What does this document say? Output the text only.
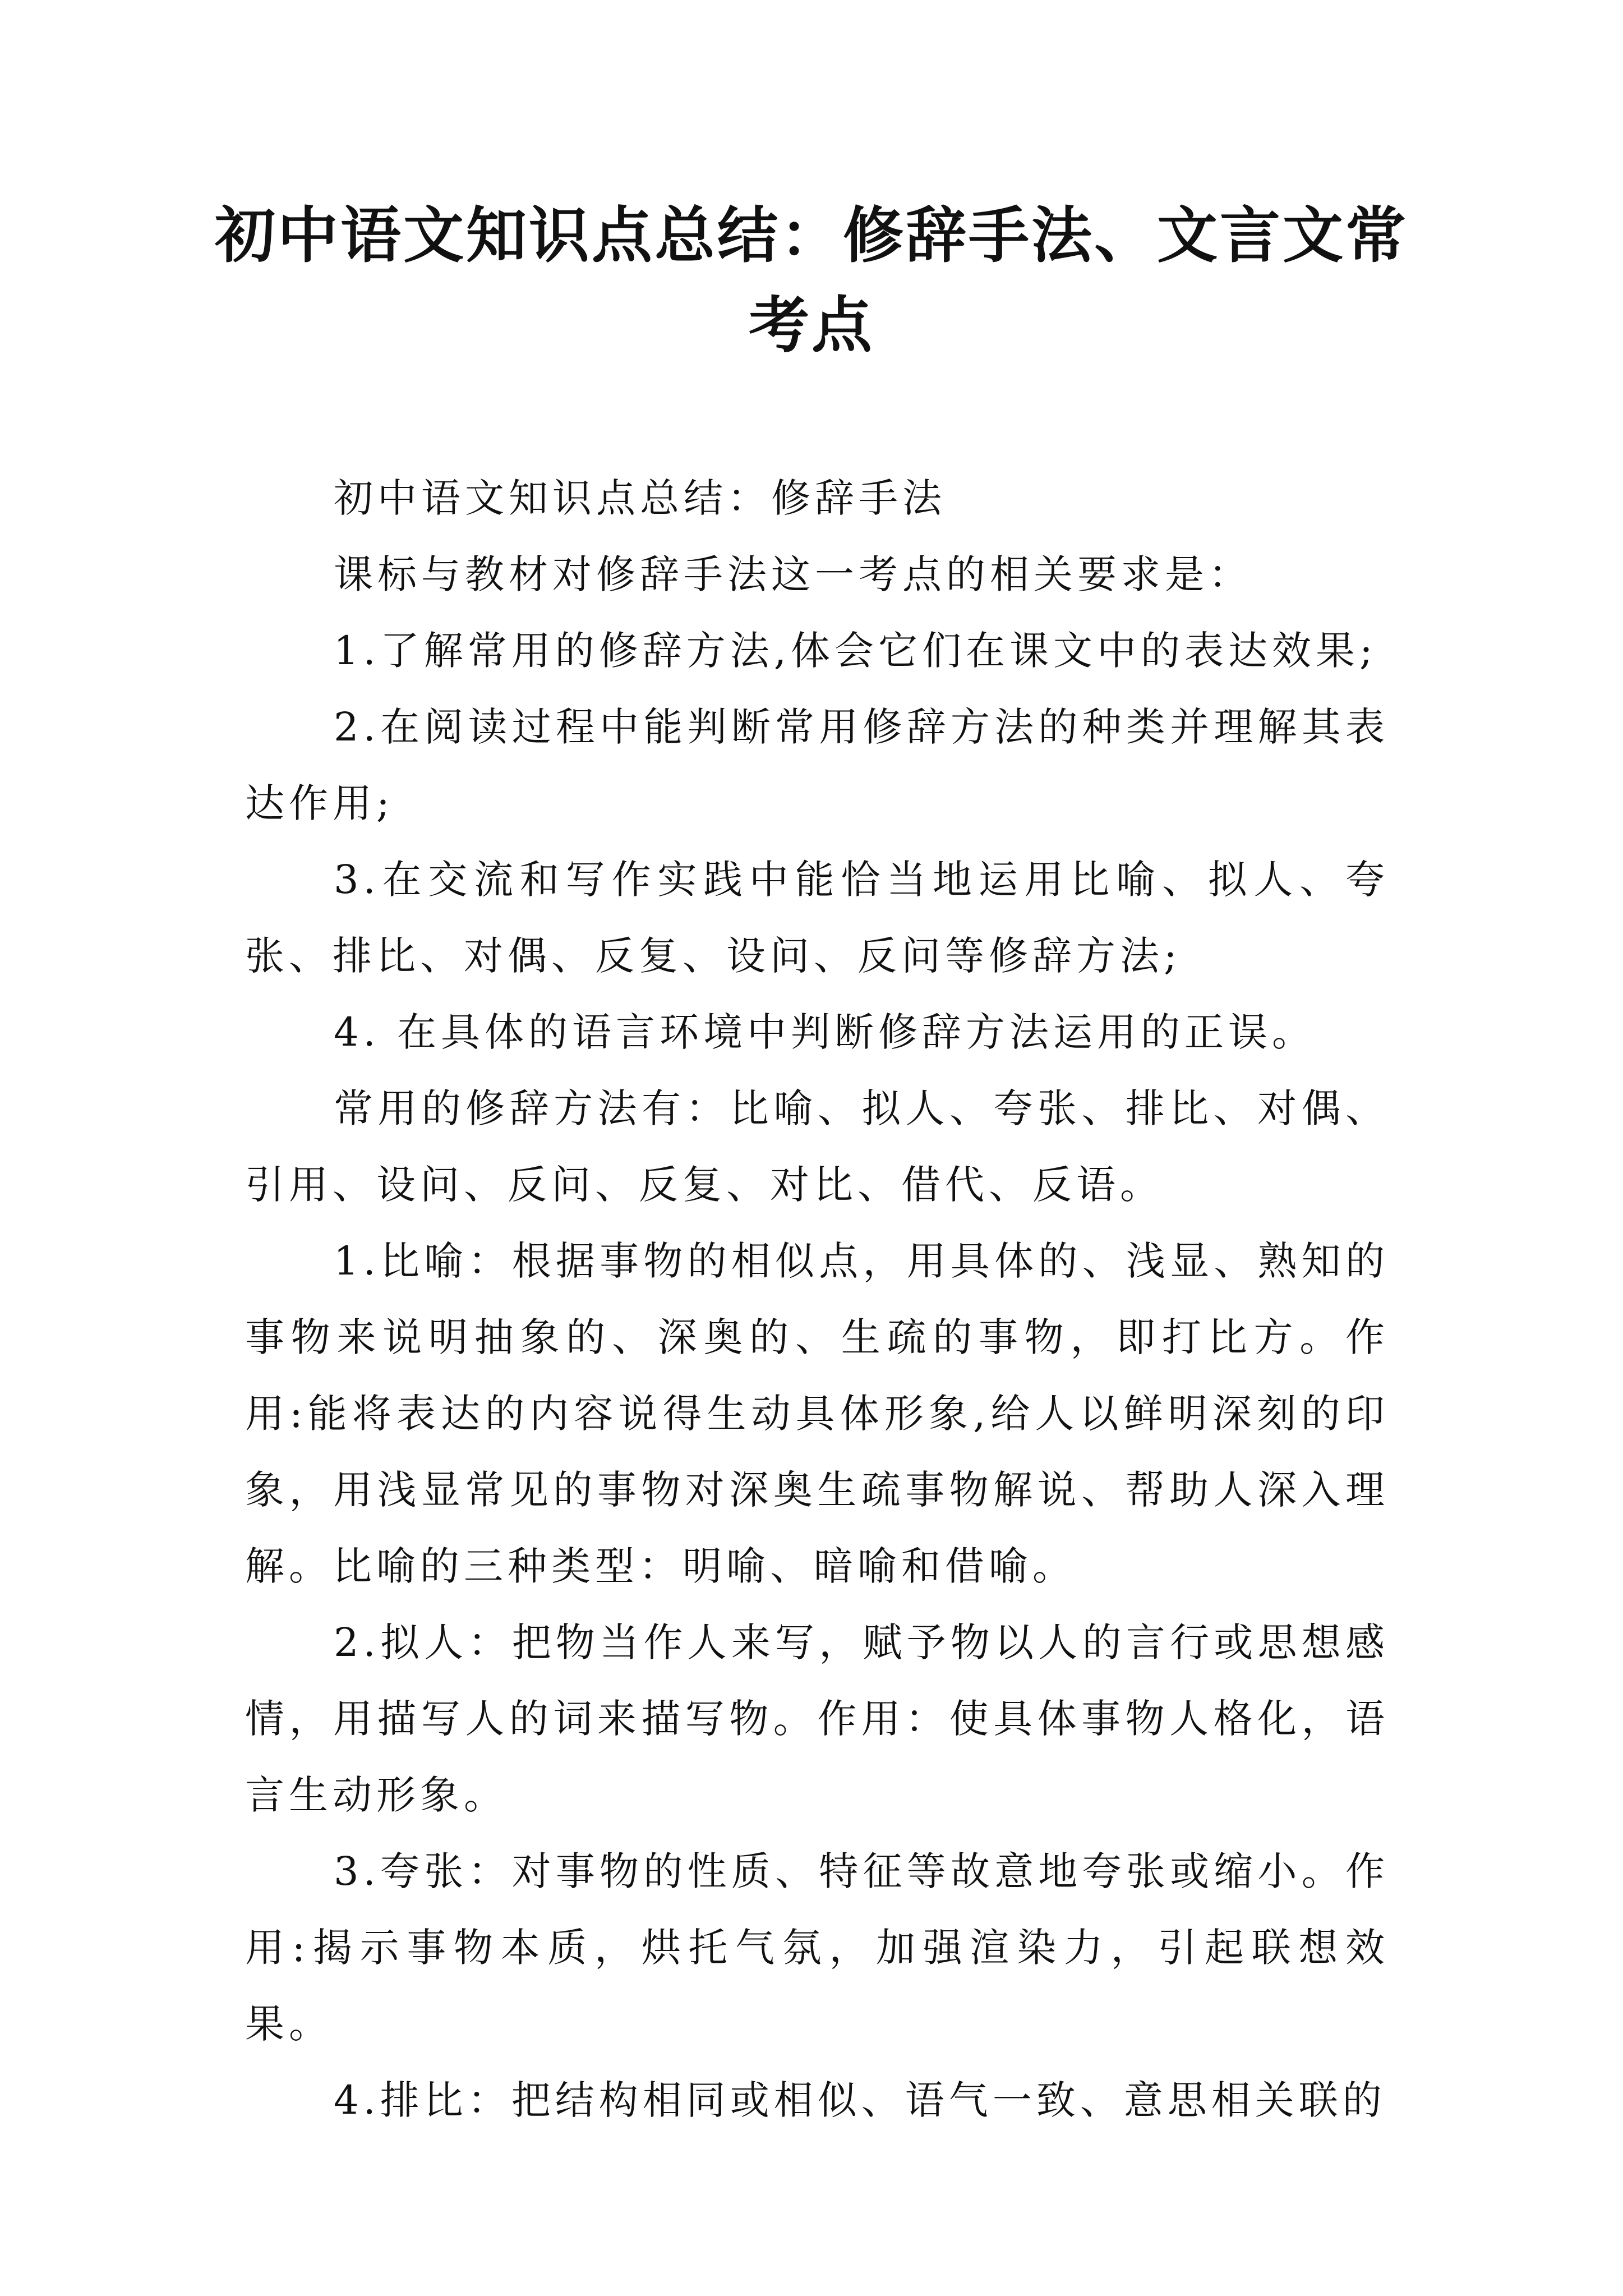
初中语文知识点总结：修辞手法、文言文常
考点

初中语文知识点总结：修辞手法

课标与教材对修辞手法这一考点的相关要求是：

1.了解常用的修辞方法,体会它们在课文中的表达效果;

2.在阅读过程中能判断常用修辞方法的种类并理解其表达作用;

3.在交流和写作实践中能恰当地运用比喻、拟人、夸张、排比、对偶、反复、设问、反问等修辞方法;

4. 在具体的语言环境中判断修辞方法运用的正误。

常用的修辞方法有：比喻、拟人、夸张、排比、对偶、引用、设问、反问、反复、对比、借代、反语。

1.比喻：根据事物的相似点，用具体的、浅显、熟知的事物来说明抽象的、深奥的、生疏的事物，即打比方。作用:能将表达的内容说得生动具体形象,给人以鲜明深刻的印象，用浅显常见的事物对深奥生疏事物解说、帮助人深入理解。比喻的三种类型：明喻、暗喻和借喻。

2.拟人：把物当作人来写，赋予物以人的言行或思想感情，用描写人的词来描写物。作用：使具体事物人格化，语言生动形象。

3.夸张：对事物的性质、特征等故意地夸张或缩小。作用:揭示事物本质，烘托气氛，加强渲染力，引起联想效果。

4.排比：把结构相同或相似、语气一致、意思相关联的
